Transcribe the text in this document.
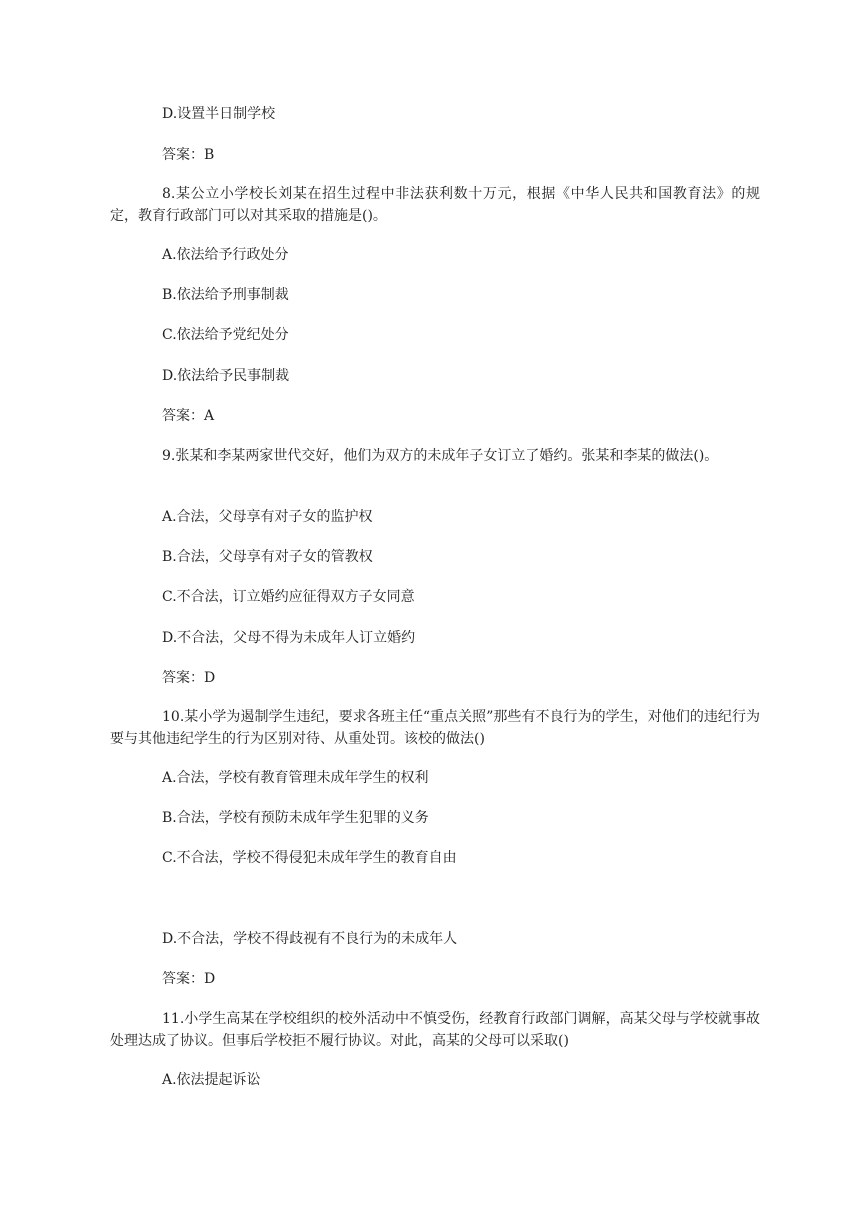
D.设置半日制学校
答案：B
8.某公立小学校长刘某在招生过程中非法获利数十万元，根据《中华人民共和国教育法》的规定，教育行政部门可以对其采取的措施是()。
A.依法给予行政处分
B.依法给予刑事制裁
C.依法给予党纪处分
D.依法给予民事制裁
答案：A
9.张某和李某两家世代交好，他们为双方的未成年子女订立了婚约。张某和李某的做法()。
A.合法，父母享有对子女的监护权
B.合法，父母享有对子女的管教权
C.不合法，订立婚约应征得双方子女同意
D.不合法，父母不得为未成年人订立婚约
答案：D
10.某小学为遏制学生违纪，要求各班主任“重点关照”那些有不良行为的学生，对他们的违纪行为要与其他违纪学生的行为区别对待、从重处罚。该校的做法()
A.合法，学校有教育管理未成年学生的权利
B.合法，学校有预防未成年学生犯罪的义务
C.不合法，学校不得侵犯未成年学生的教育自由
D.不合法，学校不得歧视有不良行为的未成年人
答案：D
11.小学生高某在学校组织的校外活动中不慎受伤，经教育行政部门调解，高某父母与学校就事故处理达成了协议。但事后学校拒不履行协议。对此，高某的父母可以采取()
A.依法提起诉讼
